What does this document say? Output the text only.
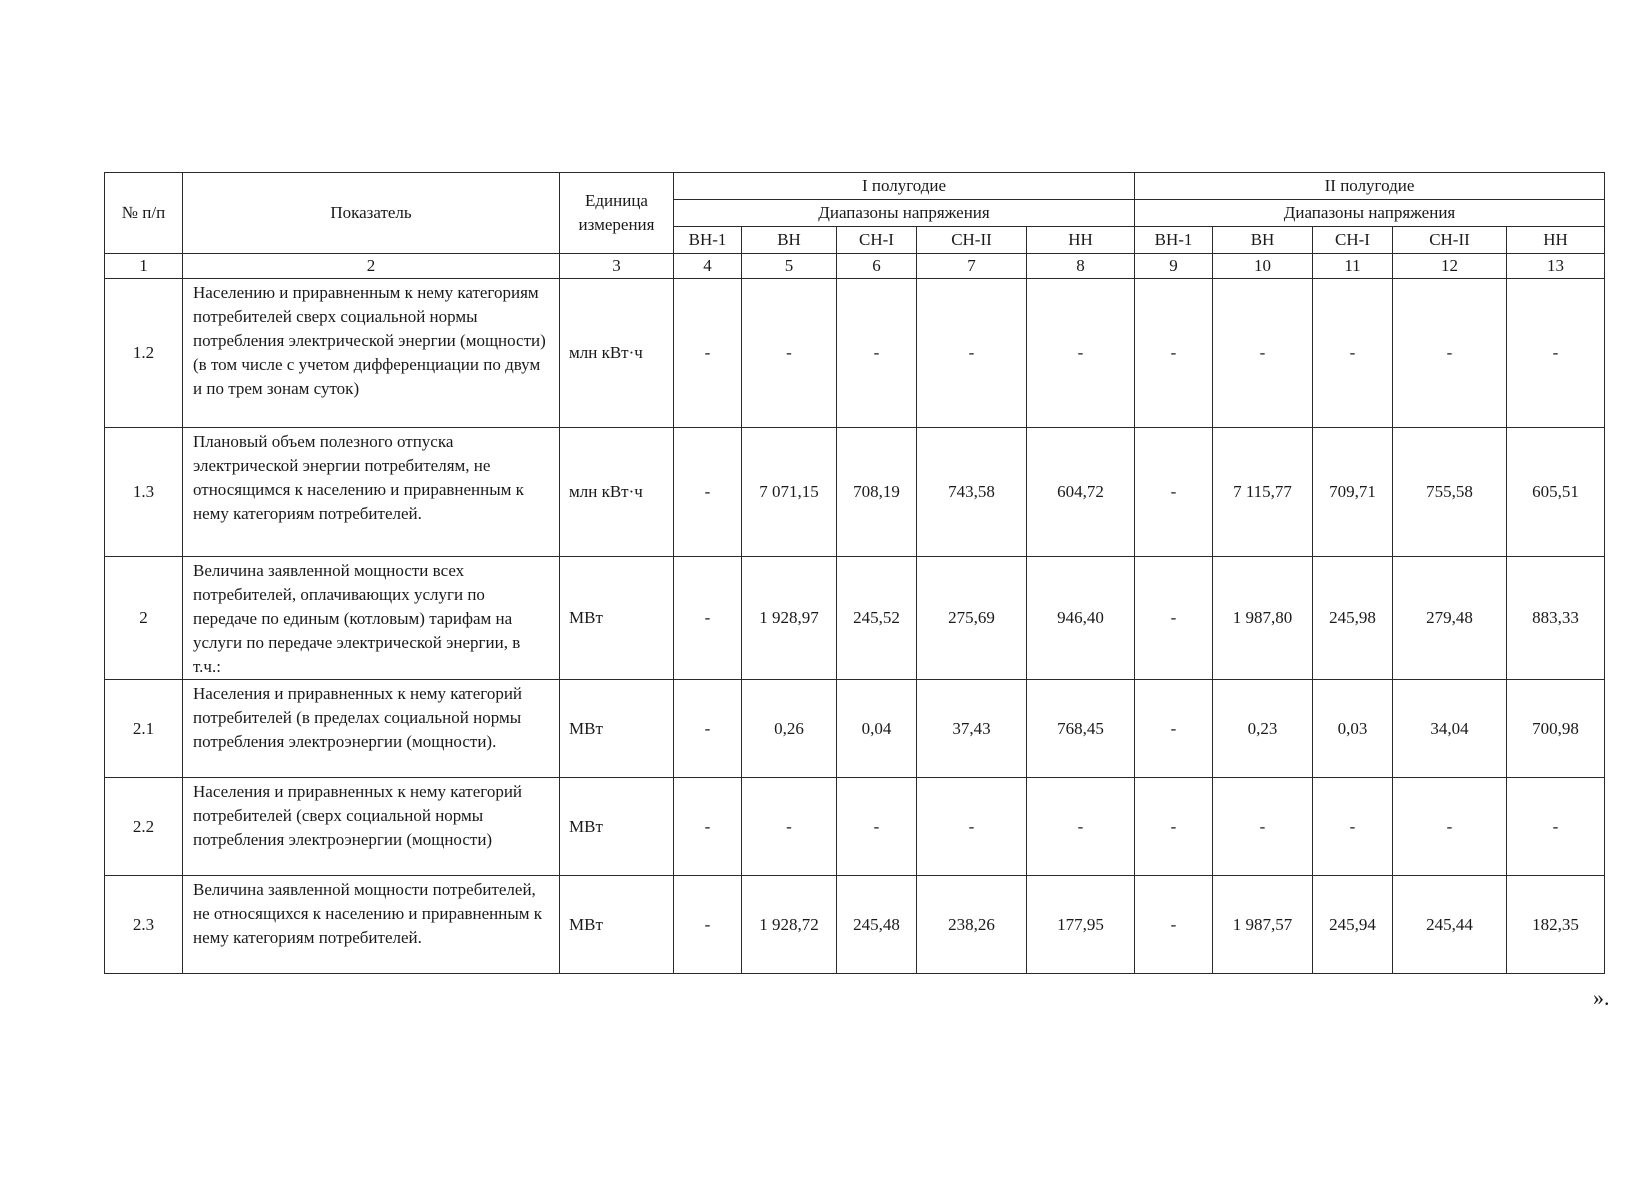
№ п/п	Показатель	Единица измерения	I полугодие					II полугодие				
			Диапазоны напряжения					Диапазоны напряжения				
			ВН-1	ВН	СН-I	СН-II	НН	ВН-1	ВН	СН-I	СН-II	НН
1	2	3	4	5	6	7	8	9	10	11	12	13
1.2	Населению и приравненным к нему категориям потребителей сверх социальной нормы потребления электрической энергии (мощности) (в том числе с учетом дифференциации по двум и по трем зонам суток)	млн кВт·ч	-	-	-	-	-	-	-	-	-	-
1.3	Плановый объем полезного отпуска электрической энергии потребителям, не относящимся к населению и приравненным к нему категориям потребителей.	млн кВт·ч	-	7 071,15	708,19	743,58	604,72	-	7 115,77	709,71	755,58	605,51
2	Величина заявленной мощности всех потребителей, оплачивающих услуги по передаче по единым (котловым) тарифам на услуги по передаче электрической энергии, в т.ч.:	МВт	-	1 928,97	245,52	275,69	946,40	-	1 987,80	245,98	279,48	883,33
2.1	Населения и приравненных к нему категорий потребителей (в пределах социальной нормы потребления электроэнергии (мощности).	МВт	-	0,26	0,04	37,43	768,45	-	0,23	0,03	34,04	700,98
2.2	Населения и приравненных к нему категорий потребителей (сверх социальной нормы потребления электроэнергии (мощности)	МВт	-	-	-	-	-	-	-	-	-	-
2.3	Величина заявленной мощности потребителей, не относящихся к населению и приравненным к нему категориям потребителей.	МВт	-	1 928,72	245,48	238,26	177,95	-	1 987,57	245,94	245,44	182,35
».
